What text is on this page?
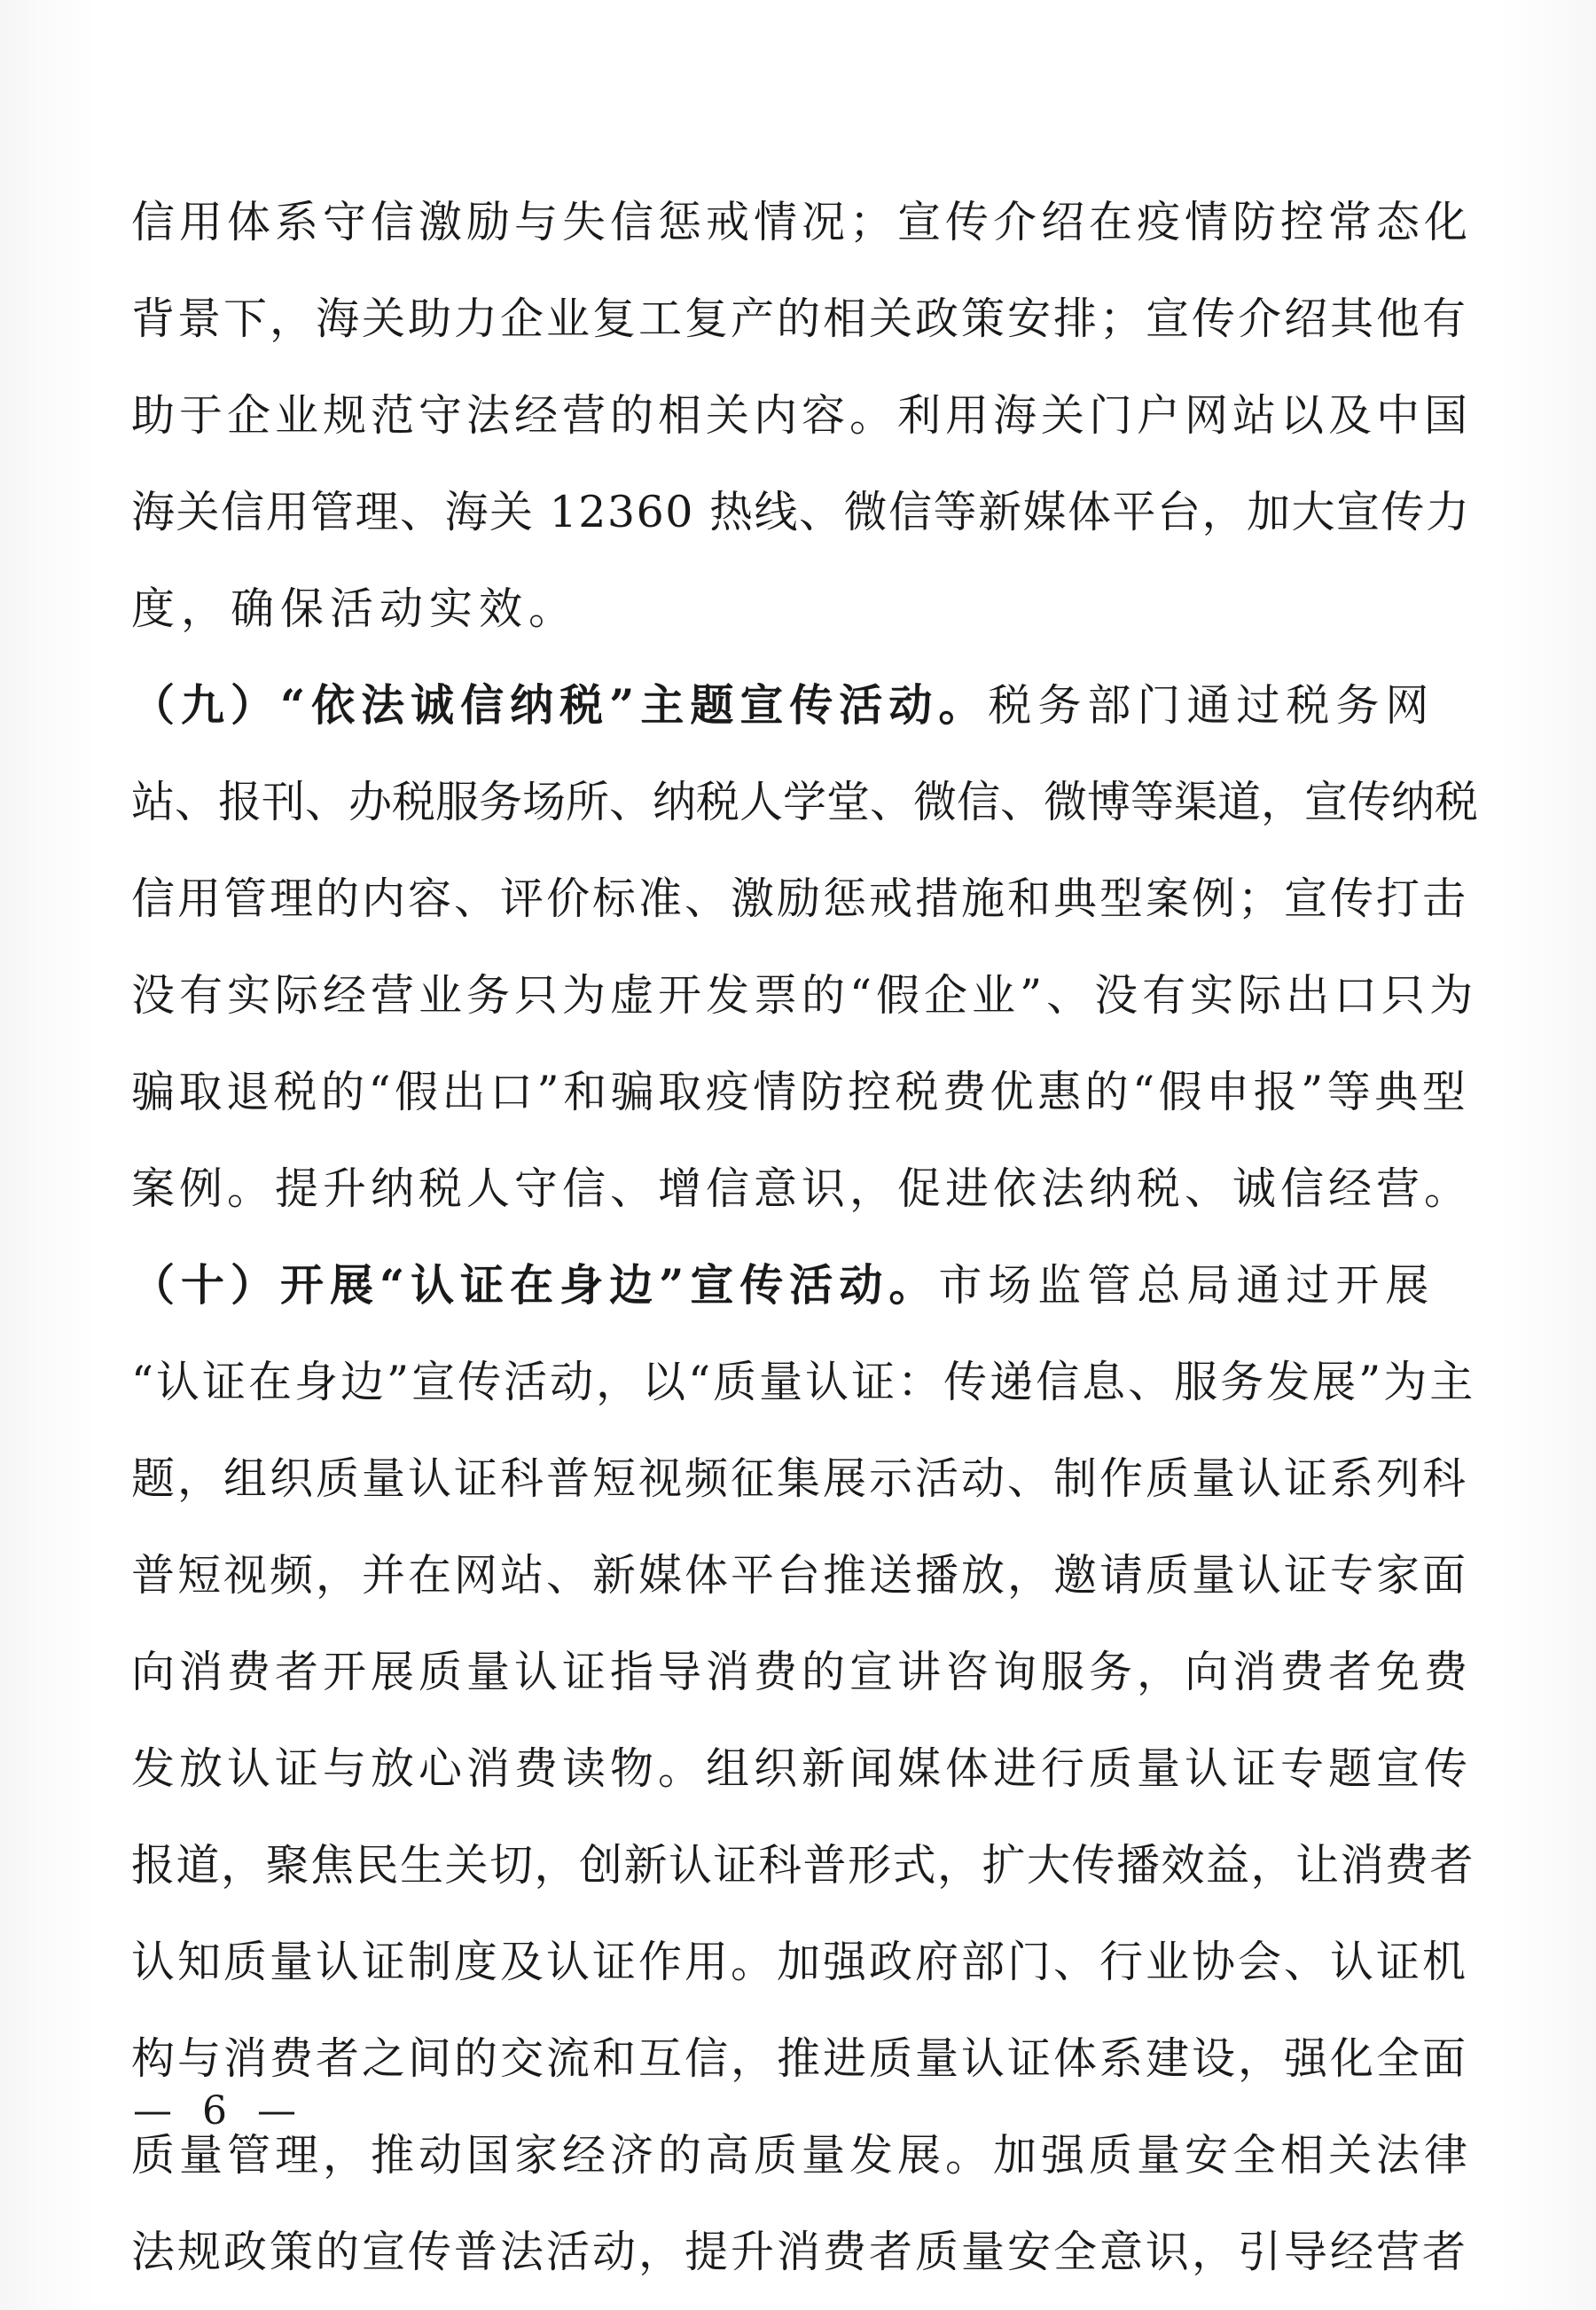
信用体系守信激励与失信惩戒情况；宣传介绍在疫情防控常态化
背景下，海关助力企业复工复产的相关政策安排；宣传介绍其他有
助于企业规范守法经营的相关内容。利用海关门户网站以及中国
海关信用管理、海关 12360 热线、微信等新媒体平台，加大宣传力
度，确保活动实效。
（九）“依法诚信纳税”主题宣传活动。税务部门通过税务网
站、报刊、办税服务场所、纳税人学堂、微信、微博等渠道，宣传纳税
信用管理的内容、评价标准、激励惩戒措施和典型案例；宣传打击
没有实际经营业务只为虚开发票的“假企业”、没有实际出口只为
骗取退税的“假出口”和骗取疫情防控税费优惠的“假申报”等典型
案例。提升纳税人守信、增信意识，促进依法纳税、诚信经营。
（十）开展“认证在身边”宣传活动。市场监管总局通过开展
“认证在身边”宣传活动，以“质量认证：传递信息、服务发展”为主
题，组织质量认证科普短视频征集展示活动、制作质量认证系列科
普短视频，并在网站、新媒体平台推送播放，邀请质量认证专家面
向消费者开展质量认证指导消费的宣讲咨询服务，向消费者免费
发放认证与放心消费读物。组织新闻媒体进行质量认证专题宣传
报道，聚焦民生关切，创新认证科普形式，扩大传播效益，让消费者
认知质量认证制度及认证作用。加强政府部门、行业协会、认证机
构与消费者之间的交流和互信，推进质量认证体系建设，强化全面
质量管理，推动国家经济的高质量发展。加强质量安全相关法律
法规政策的宣传普法活动，提升消费者质量安全意识，引导经营者
— 6 —
